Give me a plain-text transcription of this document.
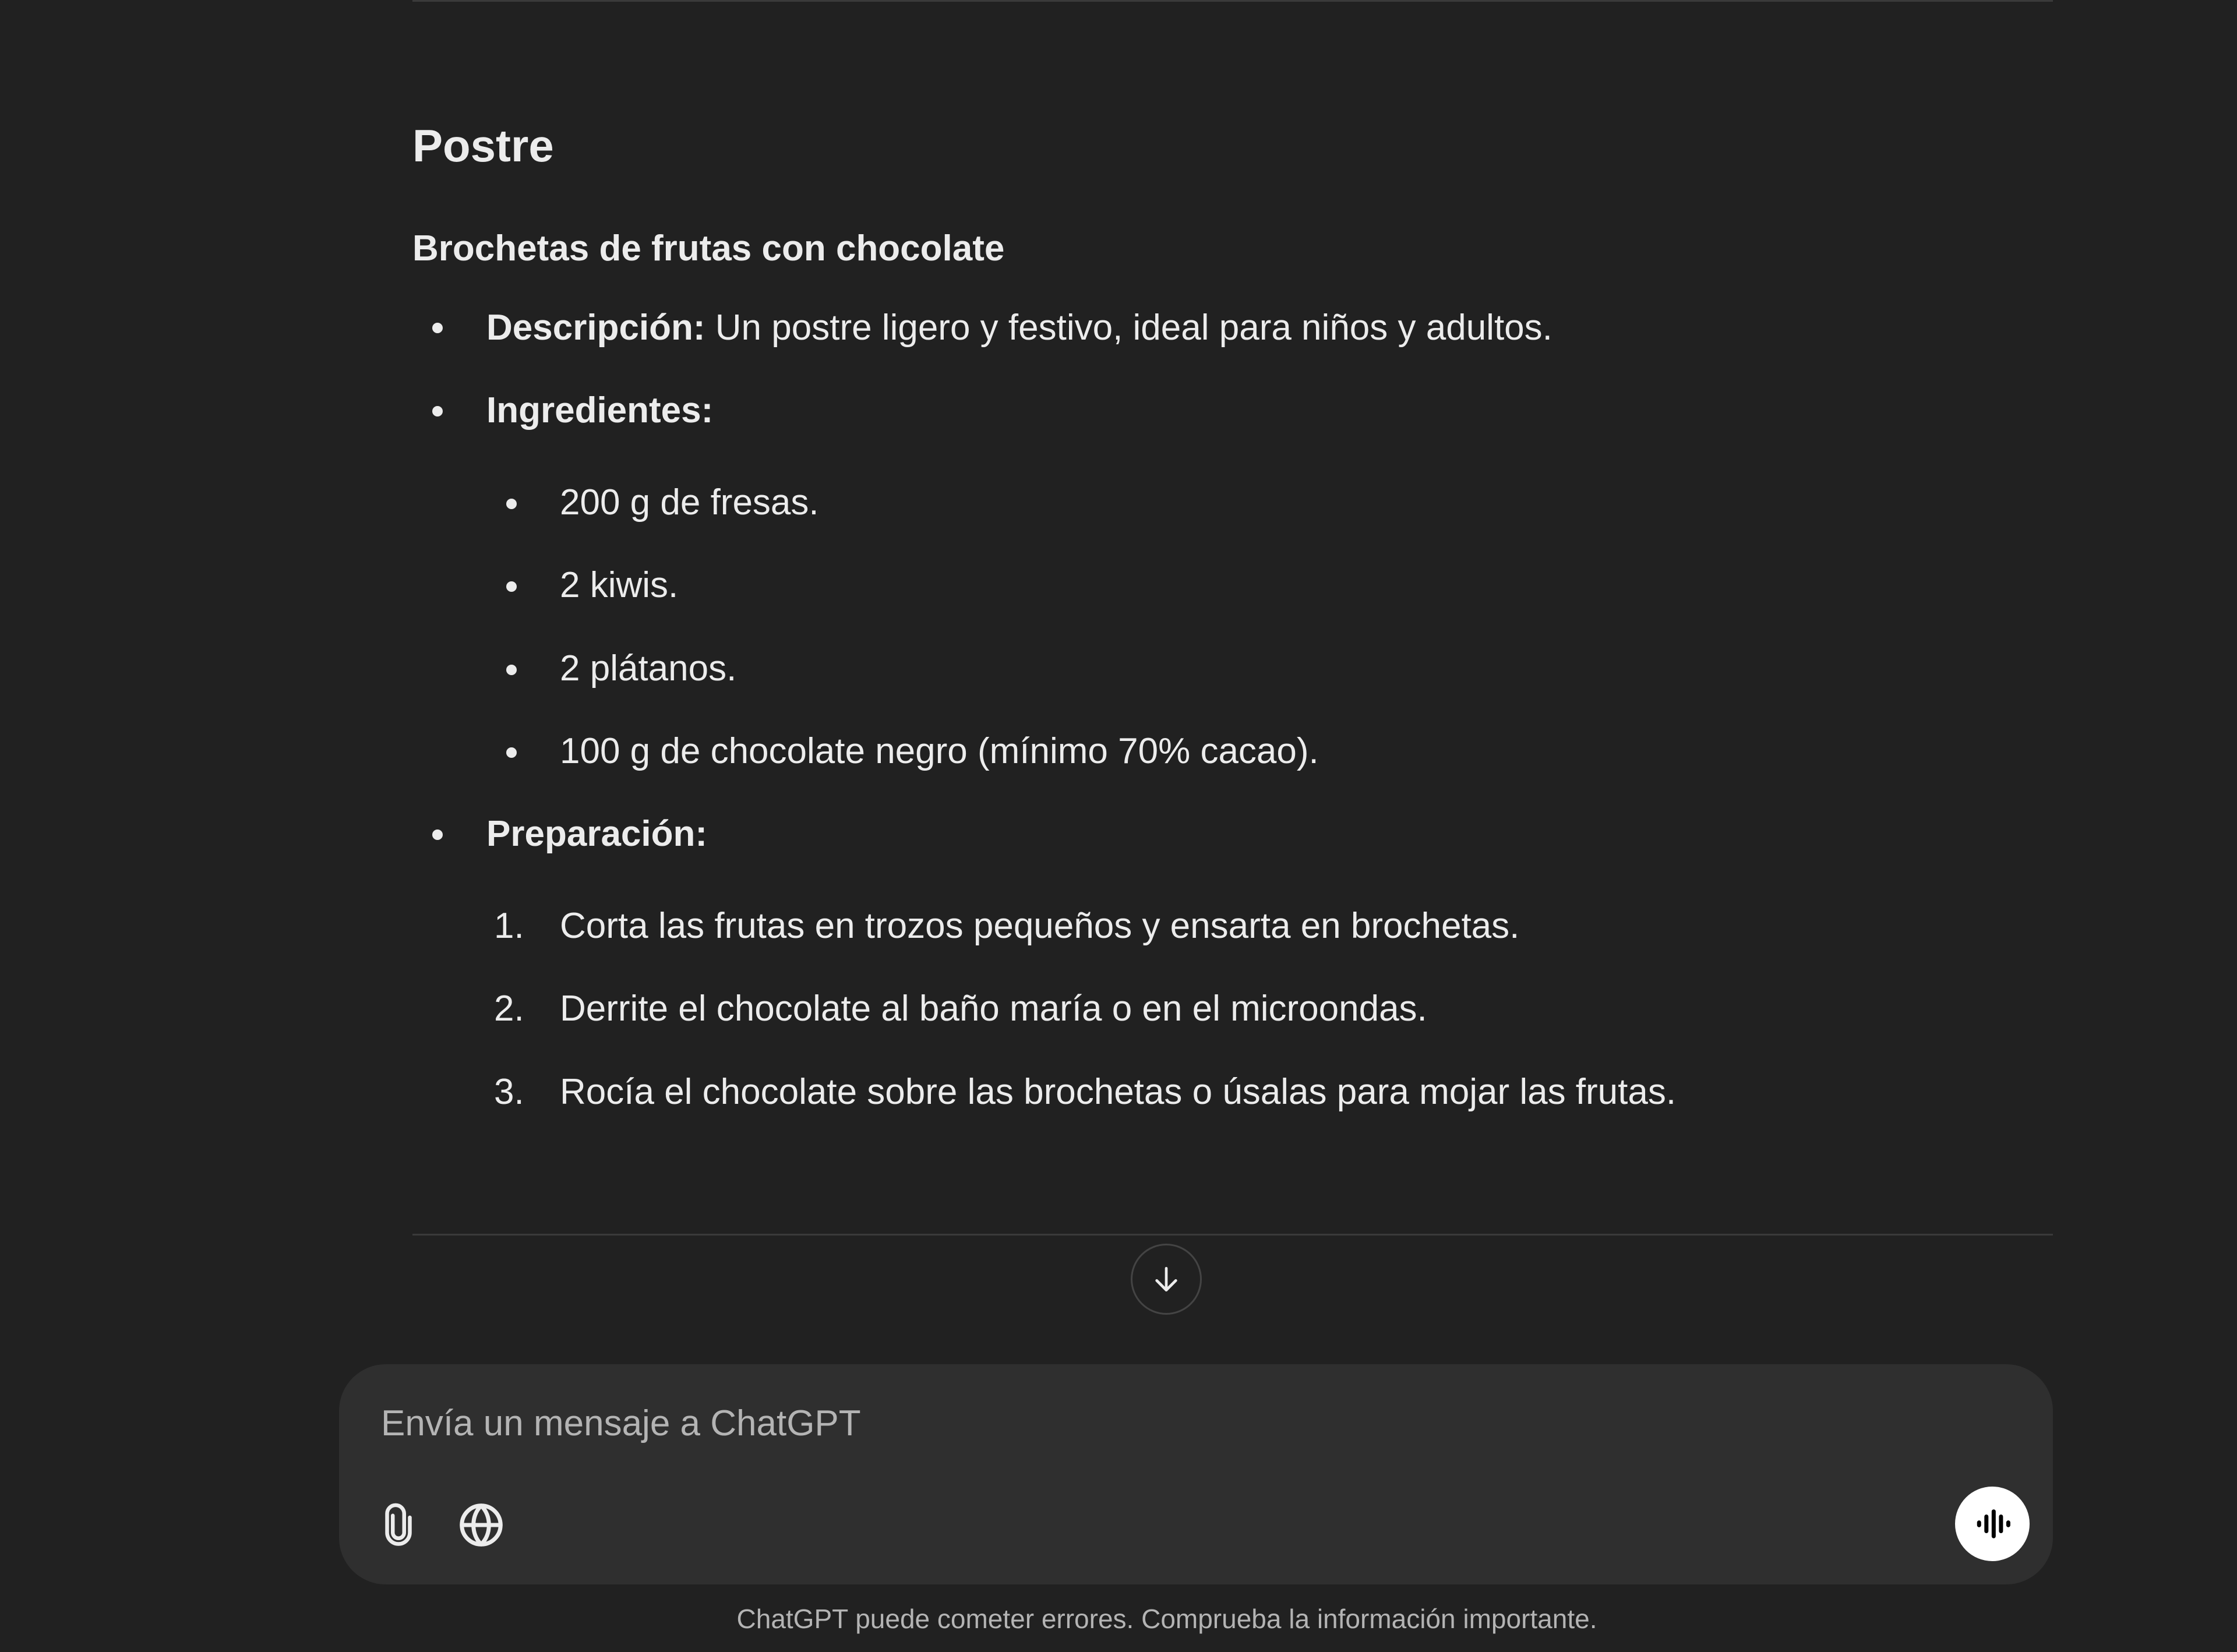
Postre
Brochetas de frutas con chocolate
Descripción: Un postre ligero y festivo, ideal para niños y adultos.
Ingredientes:
200 g de fresas.
2 kiwis.
2 plátanos.
100 g de chocolate negro (mínimo 70% cacao).
Preparación:
1. Corta las frutas en trozos pequeños y ensarta en brochetas.
2. Derrite el chocolate al baño maría o en el microondas.
3. Rocía el chocolate sobre las brochetas o úsalas para mojar las frutas.
Envía un mensaje a ChatGPT
ChatGPT puede cometer errores. Comprueba la información importante.
